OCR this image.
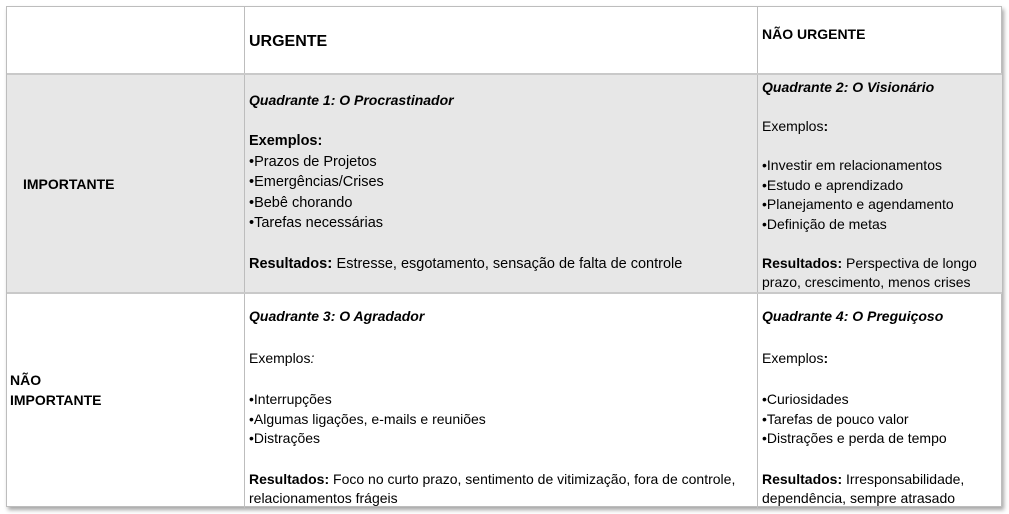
URGENTE	NÃO URGENTE
IMPORTANTE

Quadrante 1: O Procrastinador

Exemplos:

•Prazos de Projetos

•Emergências/Crises

•Bebê chorando

•Tarefas necessárias

Resultados: Estresse, esgotamento, sensação de falta de controle

Quadrante 2: O Visionário

Exemplos:

•Investir em relacionamentos

•Estudo e aprendizado

•Planejamento e agendamento

•Definição de metas

Resultados: Perspectiva de longo prazo, crescimento, menos crises

NÃO
IMPORTANTE

Quadrante 3: O Agradador

Exemplos:

•Interrupções

•Algumas ligações, e-mails e reuniões

•Distrações

Resultados: Foco no curto prazo, sentimento de vitimização, fora de controle, relacionamentos frágeis

Quadrante 4: O Preguiçoso

Exemplos:

•Curiosidades

•Tarefas de pouco valor

•Distrações e perda de tempo

Resultados: Irresponsabilidade, dependência, sempre atrasado
